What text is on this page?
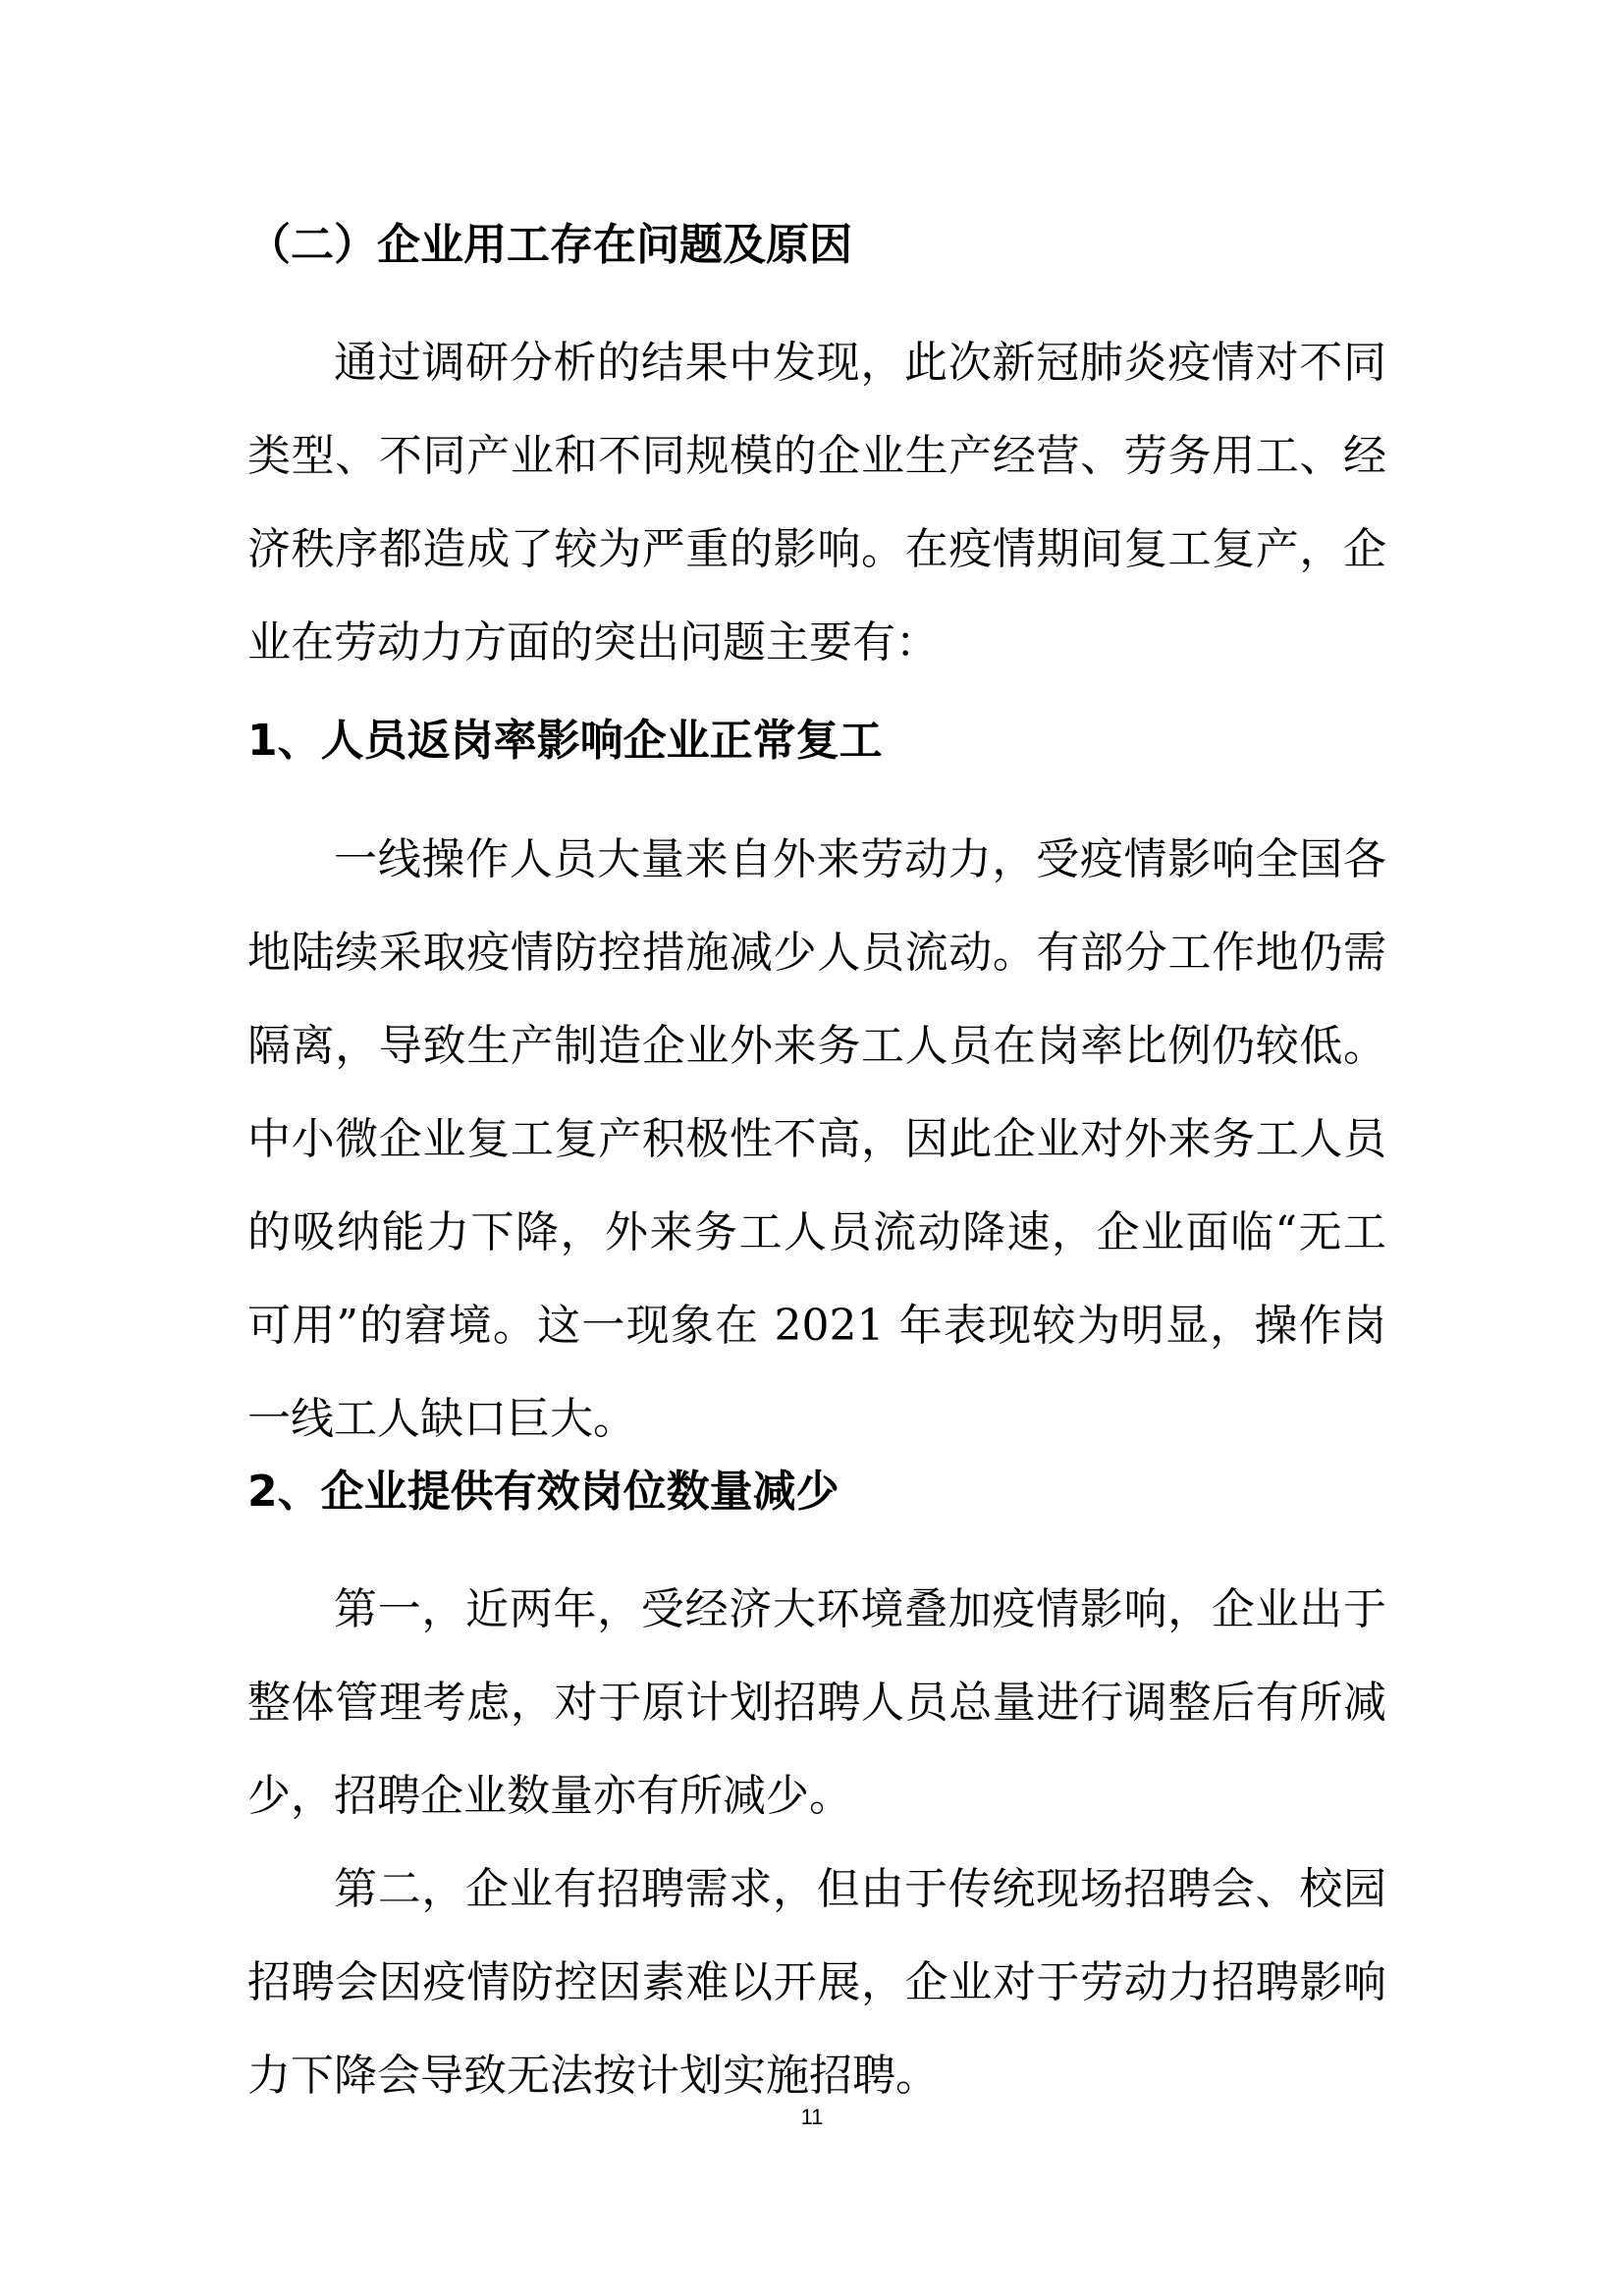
（二）企业用工存在问题及原因

通过调研分析的结果中发现，此次新冠肺炎疫情对不同类型、不同产业和不同规模的企业生产经营、劳务用工、经济秩序都造成了较为严重的影响。在疫情期间复工复产，企业在劳动力方面的突出问题主要有：

1、人员返岗率影响企业正常复工

一线操作人员大量来自外来劳动力，受疫情影响全国各地陆续采取疫情防控措施减少人员流动。有部分工作地仍需隔离，导致生产制造企业外来务工人员在岗率比例仍较低。中小微企业复工复产积极性不高，因此企业对外来务工人员的吸纳能力下降，外来务工人员流动降速，企业面临“无工可用”的窘境。这一现象在 2021 年表现较为明显，操作岗一线工人缺口巨大。

2、企业提供有效岗位数量减少

第一，近两年，受经济大环境叠加疫情影响，企业出于整体管理考虑，对于原计划招聘人员总量进行调整后有所减少，招聘企业数量亦有所减少。

第二，企业有招聘需求，但由于传统现场招聘会、校园招聘会因疫情防控因素难以开展，企业对于劳动力招聘影响力下降会导致无法按计划实施招聘。

11
